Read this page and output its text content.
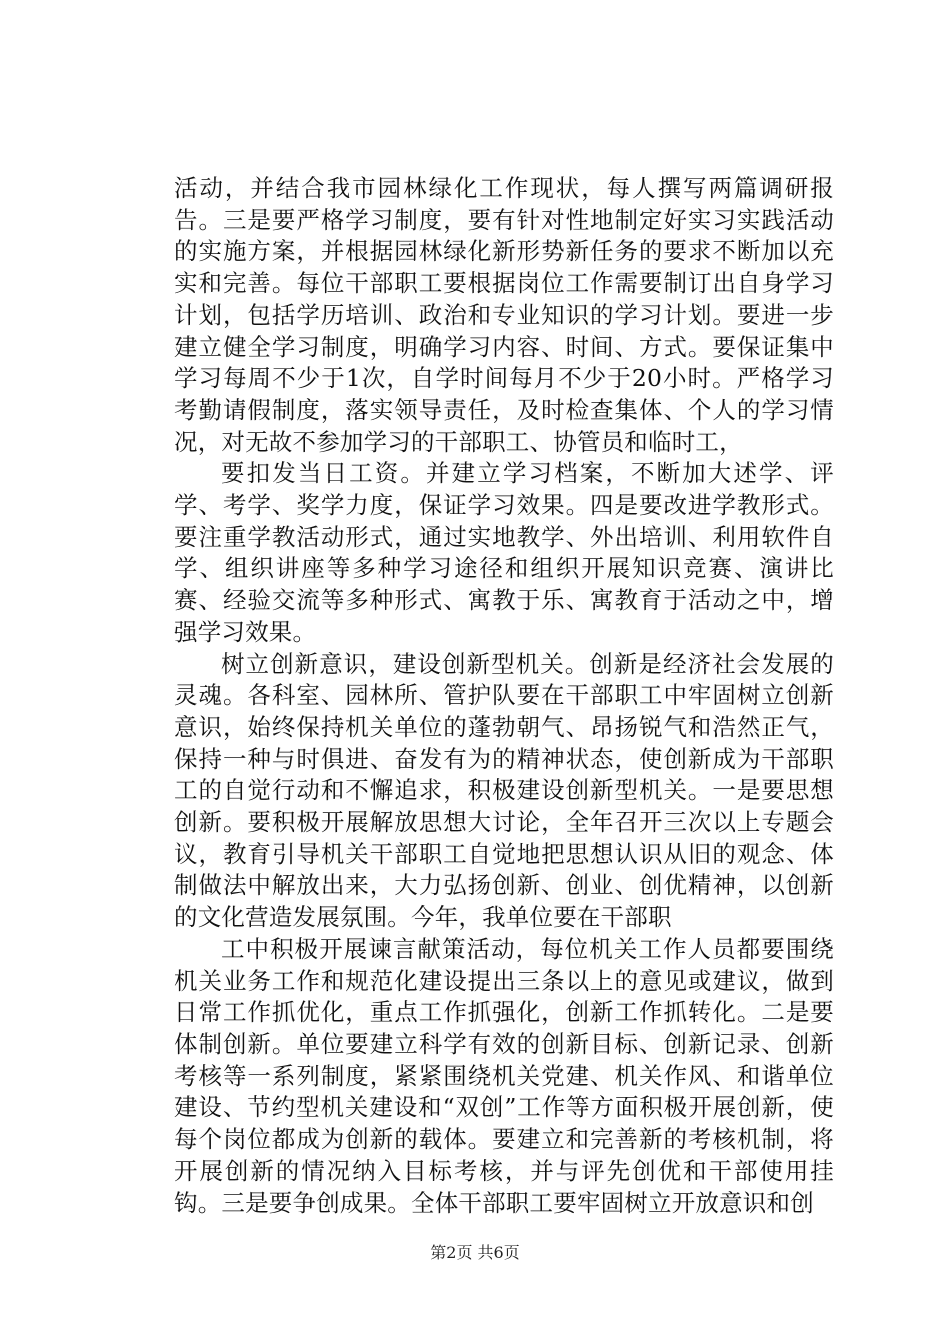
活动，并结合我市园林绿化工作现状，每人撰写两篇调研报告。三是要严格学习制度，要有针对性地制定好实习实践活动的实施方案，并根据园林绿化新形势新任务的要求不断加以充实和完善。每位干部职工要根据岗位工作需要制订出自身学习计划，包括学历培训、政治和专业知识的学习计划。要进一步建立健全学习制度，明确学习内容、时间、方式。要保证集中学习每周不少于1次，自学时间每月不少于20小时。严格学习考勤请假制度，落实领导责任，及时检查集体、个人的学习情况，对无故不参加学习的干部职工、协管员和临时工，

要扣发当日工资。并建立学习档案，不断加大述学、评学、考学、奖学力度，保证学习效果。四是要改进学教形式。要注重学教活动形式，通过实地教学、外出培训、利用软件自学、组织讲座等多种学习途径和组织开展知识竞赛、演讲比赛、经验交流等多种形式、寓教于乐、寓教育于活动之中，增强学习效果。

树立创新意识，建设创新型机关。创新是经济社会发展的灵魂。各科室、园林所、管护队要在干部职工中牢固树立创新意识，始终保持机关单位的蓬勃朝气、昂扬锐气和浩然正气，保持一种与时俱进、奋发有为的精神状态，使创新成为干部职工的自觉行动和不懈追求，积极建设创新型机关。一是要思想创新。要积极开展解放思想大讨论，全年召开三次以上专题会议，教育引导机关干部职工自觉地把思想认识从旧的观念、体制做法中解放出来，大力弘扬创新、创业、创优精神，以创新的文化营造发展氛围。今年，我单位要在干部职

工中积极开展谏言献策活动，每位机关工作人员都要围绕机关业务工作和规范化建设提出三条以上的意见或建议，做到日常工作抓优化，重点工作抓强化，创新工作抓转化。二是要体制创新。单位要建立科学有效的创新目标、创新记录、创新考核等一系列制度，紧紧围绕机关党建、机关作风、和谐单位建设、节约型机关建设和“双创”工作等方面积极开展创新，使每个岗位都成为创新的载体。要建立和完善新的考核机制，将开展创新的情况纳入目标考核，并与评先创优和干部使用挂钩。三是要争创成果。全体干部职工要牢固树立开放意识和创

第2页 共6页
